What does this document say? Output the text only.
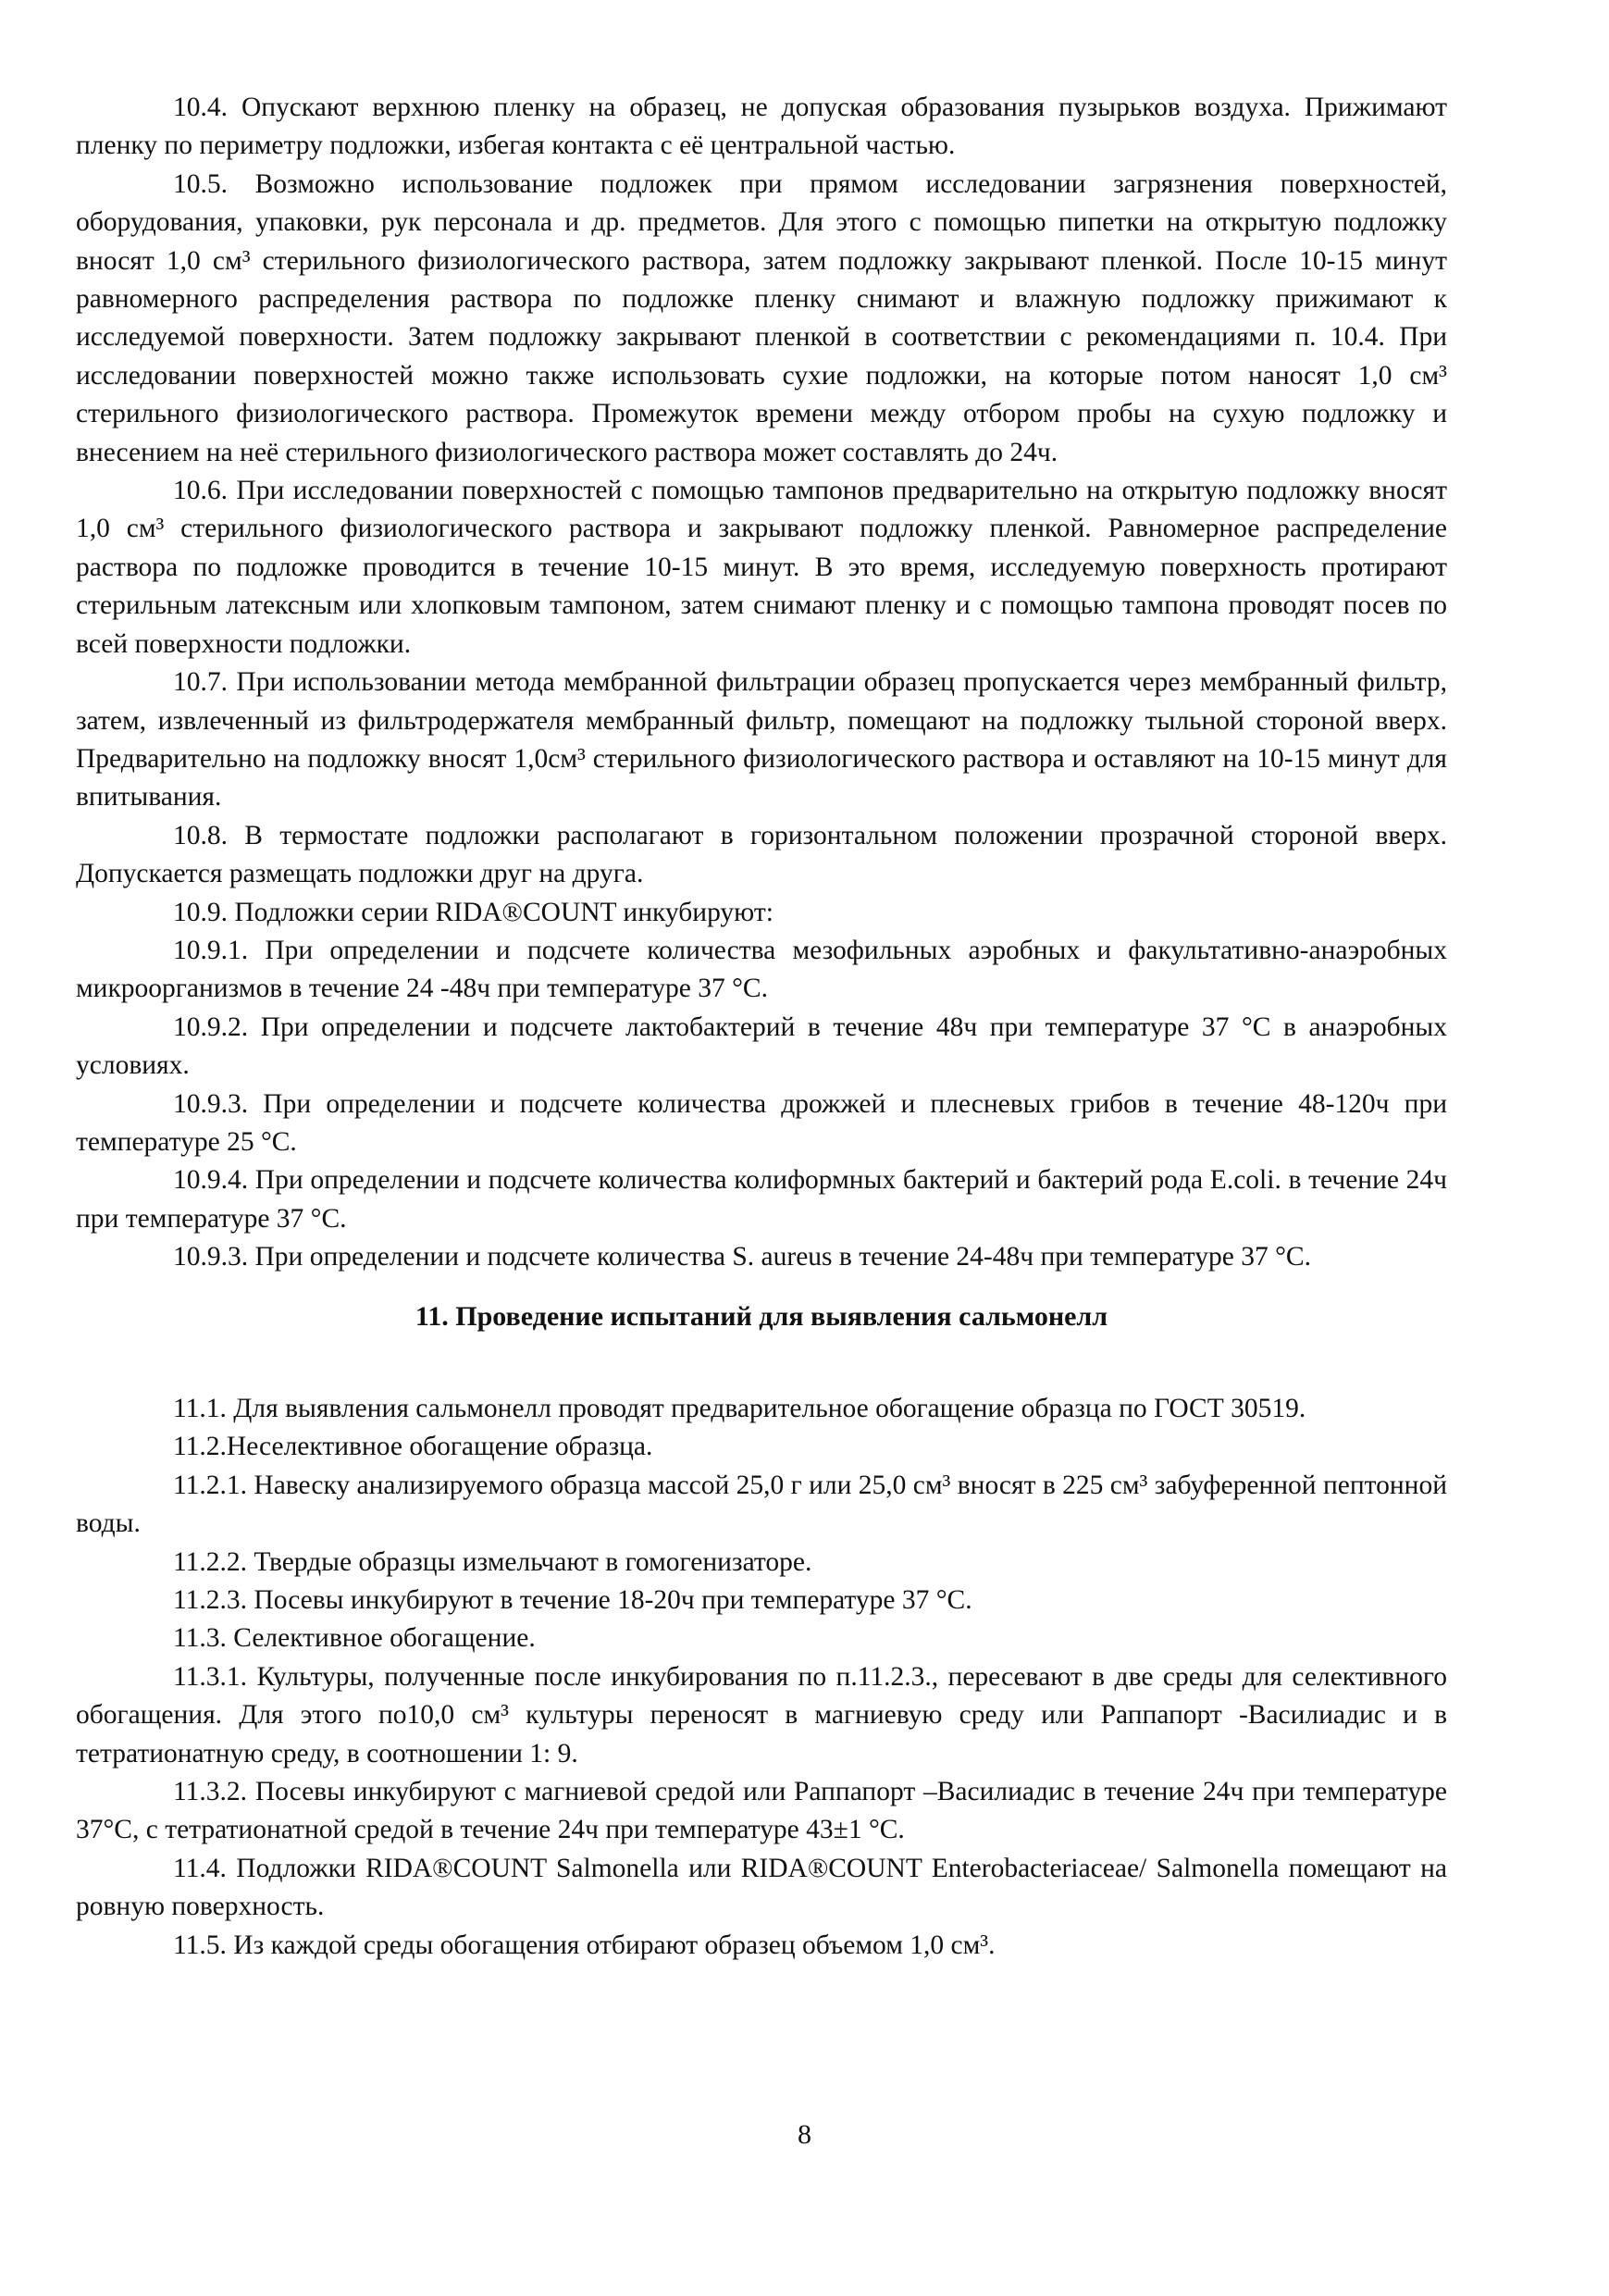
10.4. Опускают верхнюю пленку на образец, не допуская образования пузырьков воздуха. Прижимают пленку по периметру подложки, избегая контакта с её центральной частью.

10.5. Возможно использование подложек при прямом исследовании загрязнения поверхностей, оборудования, упаковки, рук персонала и др. предметов. Для этого с помощью пипетки на открытую подложку вносят 1,0 см³ стерильного физиологического раствора, затем подложку закрывают пленкой. После 10-15 минут равномерного распределения раствора по подложке пленку снимают и влажную подложку прижимают к исследуемой поверхности. Затем подложку закрывают пленкой в соответствии с рекомендациями п. 10.4. При исследовании поверхностей можно также использовать сухие подложки, на которые потом наносят 1,0 см³ стерильного физиологического раствора. Промежуток времени между отбором пробы на сухую подложку и внесением на неё стерильного физиологического раствора может составлять до 24ч.

10.6. При исследовании поверхностей с помощью тампонов предварительно на открытую подложку вносят 1,0 см³ стерильного физиологического раствора и закрывают подложку пленкой. Равномерное распределение раствора по подложке проводится в течение 10-15 минут. В это время, исследуемую поверхность протирают стерильным латексным или хлопковым тампоном, затем снимают пленку и с помощью тампона проводят посев по всей поверхности подложки.

10.7. При использовании метода мембранной фильтрации образец пропускается через мембранный фильтр, затем, извлеченный из фильтродержателя мембранный фильтр, помещают на подложку тыльной стороной вверх. Предварительно на подложку вносят 1,0см³ стерильного физиологического раствора и оставляют на 10-15 минут для впитывания.

10.8. В термостате подложки располагают в горизонтальном положении прозрачной стороной вверх. Допускается размещать подложки друг на друга.

10.9. Подложки серии RIDA®COUNT инкубируют:

10.9.1. При определении и подсчете количества мезофильных аэробных и факультативно-анаэробных микроорганизмов в течение 24 -48ч при температуре 37 °С.

10.9.2. При определении и подсчете лактобактерий в течение 48ч при температуре 37 °С в анаэробных условиях.

10.9.3. При определении и подсчете количества дрожжей и плесневых грибов в течение 48-120ч при температуре 25 °С.

10.9.4. При определении и подсчете количества колиформных бактерий и бактерий рода E.coli. в течение 24ч при температуре 37 °С.

10.9.3. При определении и подсчете количества S. aureus в течение 24-48ч при температуре 37 °С.

11. Проведение испытаний для выявления сальмонелл

11.1. Для выявления сальмонелл проводят предварительное обогащение образца по ГОСТ 30519.

11.2.Неселективное обогащение образца.

11.2.1. Навеску анализируемого образца массой 25,0 г или 25,0 см³ вносят в 225 см³ забуференной пептонной воды.

11.2.2. Твердые образцы измельчают в гомогенизаторе.

11.2.3. Посевы инкубируют в течение 18-20ч при температуре 37 °С.

11.3. Селективное обогащение.

11.3.1. Культуры, полученные после инкубирования по п.11.2.3., пересевают в две среды для селективного обогащения. Для этого по10,0 см³ культуры переносят в магниевую среду или Раппапорт -Василиадис и в тетратионатную среду, в соотношении 1: 9.

11.3.2. Посевы инкубируют с магниевой средой или Раппапорт –Василиадис в течение 24ч при температуре 37°С, с тетратионатной средой в течение 24ч при температуре 43±1 °С.

11.4. Подложки RIDA®COUNT Salmonella или RIDA®COUNT Enterobacteriaceae/ Salmonella помещают на ровную поверхность.

11.5. Из каждой среды обогащения отбирают образец объемом 1,0 см³.

8
